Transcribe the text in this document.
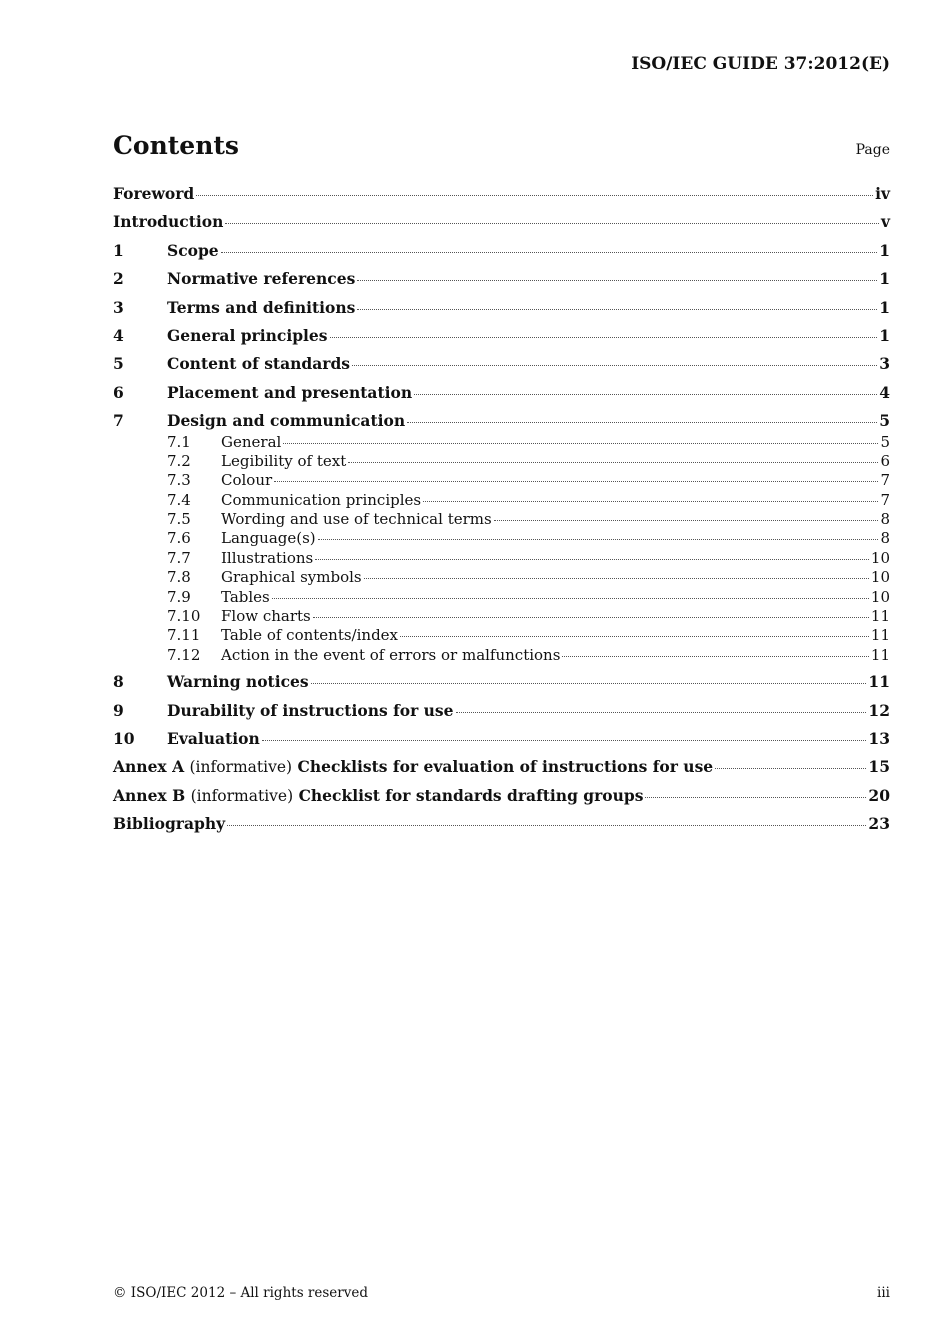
ISO/IEC GUIDE 37:2012(E)
Contents	Page
Foreword	iv
Introduction	v
1	Scope	1
2	Normative references	1
3	Terms and definitions	1
4	General principles	1
5	Content of standards	3
6	Placement and presentation	4
7	Design and communication	5
7.1	General	5
7.2	Legibility of text	6
7.3	Colour	7
7.4	Communication principles	7
7.5	Wording and use of technical terms	8
7.6	Language(s)	8
7.7	Illustrations	10
7.8	Graphical symbols	10
7.9	Tables	10
7.10	Flow charts	11
7.11	Table of contents/index	11
7.12	Action in the event of errors or malfunctions	11
8	Warning notices	11
9	Durability of instructions for use	12
10	Evaluation	13
Annex A (informative) Checklists for evaluation of instructions for use	15
Annex B (informative) Checklist for standards drafting groups	20
Bibliography	23
© ISO/IEC 2012 – All rights reserved	iii
